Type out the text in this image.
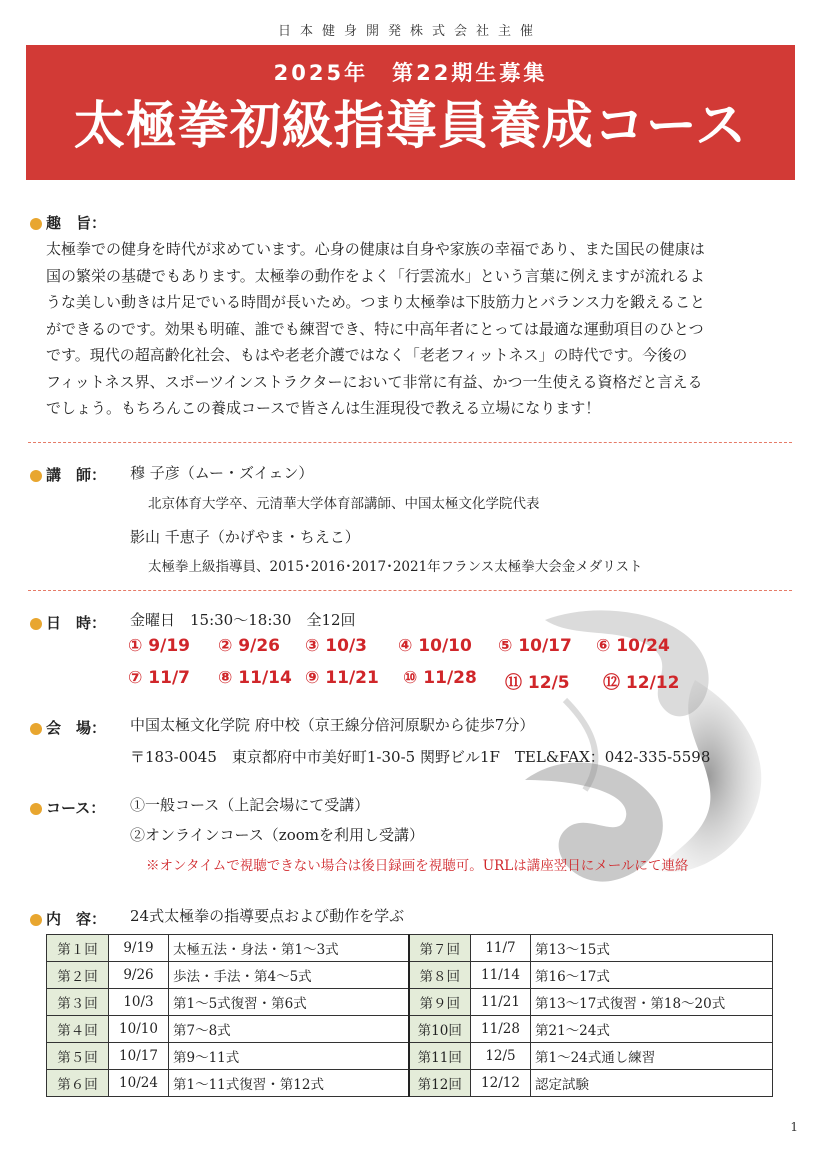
日本健身開発株式会社主催
2025年　第22期生募集
太極拳初級指導員養成コース
趣　旨：
太極拳での健身を時代が求めています。心身の健康は自身や家族の幸福であり、また国民の健康は
国の繁栄の基礎でもあります。太極拳の動作をよく「行雲流水」という言葉に例えますが流れるよ
うな美しい動きは片足でいる時間が長いため。つまり太極拳は下肢筋力とバランス力を鍛えること
ができるのです。効果も明確、誰でも練習でき、特に中高年者にとっては最適な運動項目のひとつ
です。現代の超高齢化社会、もはや老老介護ではなく「老老フィットネス」の時代です。今後の
フィットネス界、スポーツインストラクターにおいて非常に有益、かつ一生使える資格だと言える
でしょう。もちろんこの養成コースで皆さんは生涯現役で教える立場になります！
講　師： 穆 子彦（ムー・ズイェン）
北京体育大学卒、元清華大学体育部講師、中国太極文化学院代表
影山 千恵子（かげやま・ちえこ）
太極拳上級指導員、2015･2016･2017･2021年フランス太極拳大会金メダリスト
日　時： 金曜日　15:30〜18:30　全12回
① 9/19 ② 9/26 ③ 10/3 ④ 10/10 ⑤ 10/17 ⑥ 10/24
⑦ 11/7 ⑧ 11/14 ⑨ 11/21 ⑩ 11/28 ⑪ 12/5 ⑫ 12/12
会　場： 中国太極文化学院 府中校（京王線分倍河原駅から徒歩7分）
〒183-0045　東京都府中市美好町1-30-5 関野ビル1F　TEL&FAX：042-335-5598
コース： ①一般コース（上記会場にて受講）
②オンラインコース（zoomを利用し受講）
※オンタイムで視聴できない場合は後日録画を視聴可。URLは講座翌日にメールにて連絡
内　容： 24式太極拳の指導要点および動作を学ぶ
第１回	9/19	太極五法・身法・第1〜3式	第７回	11/7	第13〜15式
第２回	9/26	歩法・手法・第4〜5式	第８回	11/14	第16〜17式
第３回	10/3	第1〜5式復習・第6式	第９回	11/21	第13〜17式復習・第18〜20式
第４回	10/10	第7〜8式	第10回	11/28	第21〜24式
第５回	10/17	第9〜11式	第11回	12/5	第1〜24式通し練習
第６回	10/24	第1〜11式復習・第12式	第12回	12/12	認定試験
1
